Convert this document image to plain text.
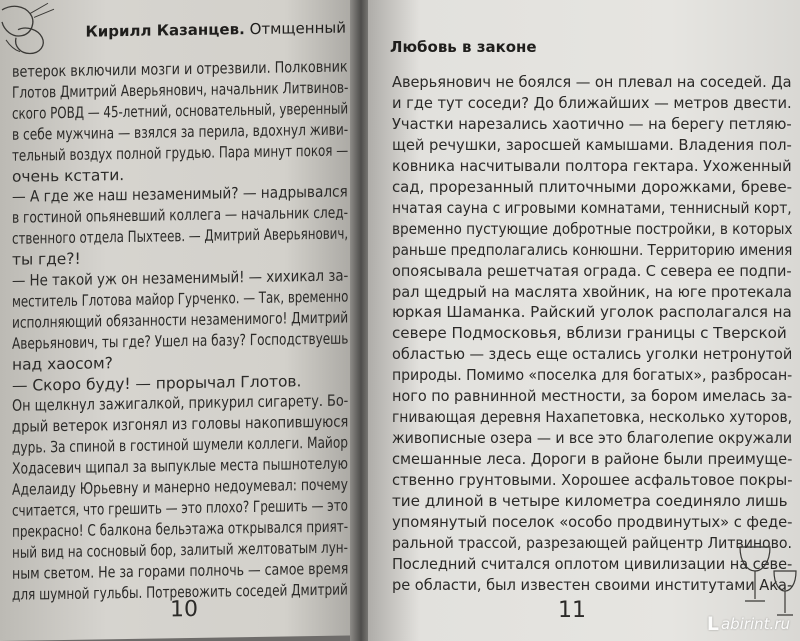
Кирилл Казанцев. Отмщенный
ветерок включили мозги и отрезвили. Полковник
Глотов Дмитрий Аверьянович, начальник Литвинов-
ского РОВД — 45-летний, основательный, уверенный
в себе мужчина — взялся за перила, вдохнул живи-
тельный воздух полной грудью. Пара минут покоя —
очень кстати.
— А где же наш незаменимый? — надрывался
в гостиной опьяневший коллега — начальник след-
ственного отдела Пыхтеев. — Дмитрий Аверьянович,
ты где?!
— Не такой уж он незаменимый! — хихикал за-
меститель Глотова майор Гурченко. — Так, временно
исполняющий обязанности незаменимого! Дмитрий
Аверьянович, ты где? Ушел на базу? Господствуешь
над хаосом?
— Скоро буду! — прорычал Глотов.
Он щелкнул зажигалкой, прикурил сигарету. Бо-
дрый ветерок изгонял из головы накопившуюся
дурь. За спиной в гостиной шумели коллеги. Майор
Ходасевич щипал за выпуклые места пышнотелую
Аделаиду Юрьевну и манерно недоумевал: почему
считается, что грешить — это плохо? Грешить — это
прекрасно! С балкона бельэтажа открывался прият-
ный вид на сосновый бор, залитый желтоватым лун-
ным светом. Не за горами полночь — самое время
для шумной гульбы. Потревожить соседей Дмитрий
10
Любовь в законе
Аверьянович не боялся — он плевал на соседей. Да
и где тут соседи? До ближайших — метров двести.
Участки нарезались хаотично — на берегу петляю-
щей речушки, заросшей камышами. Владения пол-
ковника насчитывали полтора гектара. Ухоженный
сад, прорезанный плиточными дорожками, бреве-
нчатая сауна с игровыми комнатами, теннисный корт,
временно пустующие добротные постройки, в которых
раньше предполагались конюшни. Территорию имения
опоясывала решетчатая ограда. С севера ее подпи-
рал щедрый на маслята хвойник, на юге протекала
юркая Шаманка. Райский уголок располагался на
севере Подмосковья, вблизи границы с Тверской
областью — здесь еще остались уголки нетронутой
природы. Помимо «поселка для богатых», разбросан-
ного по равнинной местности, за бором имелась за-
гнивающая деревня Нахапетовка, несколько хуторов,
живописные озера — и все это благолепие окружали
смешанные леса. Дороги в районе были преимуще-
ственно грунтовыми. Хорошее асфальтовое покры-
тие длиной в четыре километра соединяло лишь
упомянутый поселок «особо продвинутых» с феде-
ральной трассой, разрезающей райцентр Литвиново.
Последний считался оплотом цивилизации на севе-
ре области, был известен своими институтами Ака-
11
L abirint.ru
